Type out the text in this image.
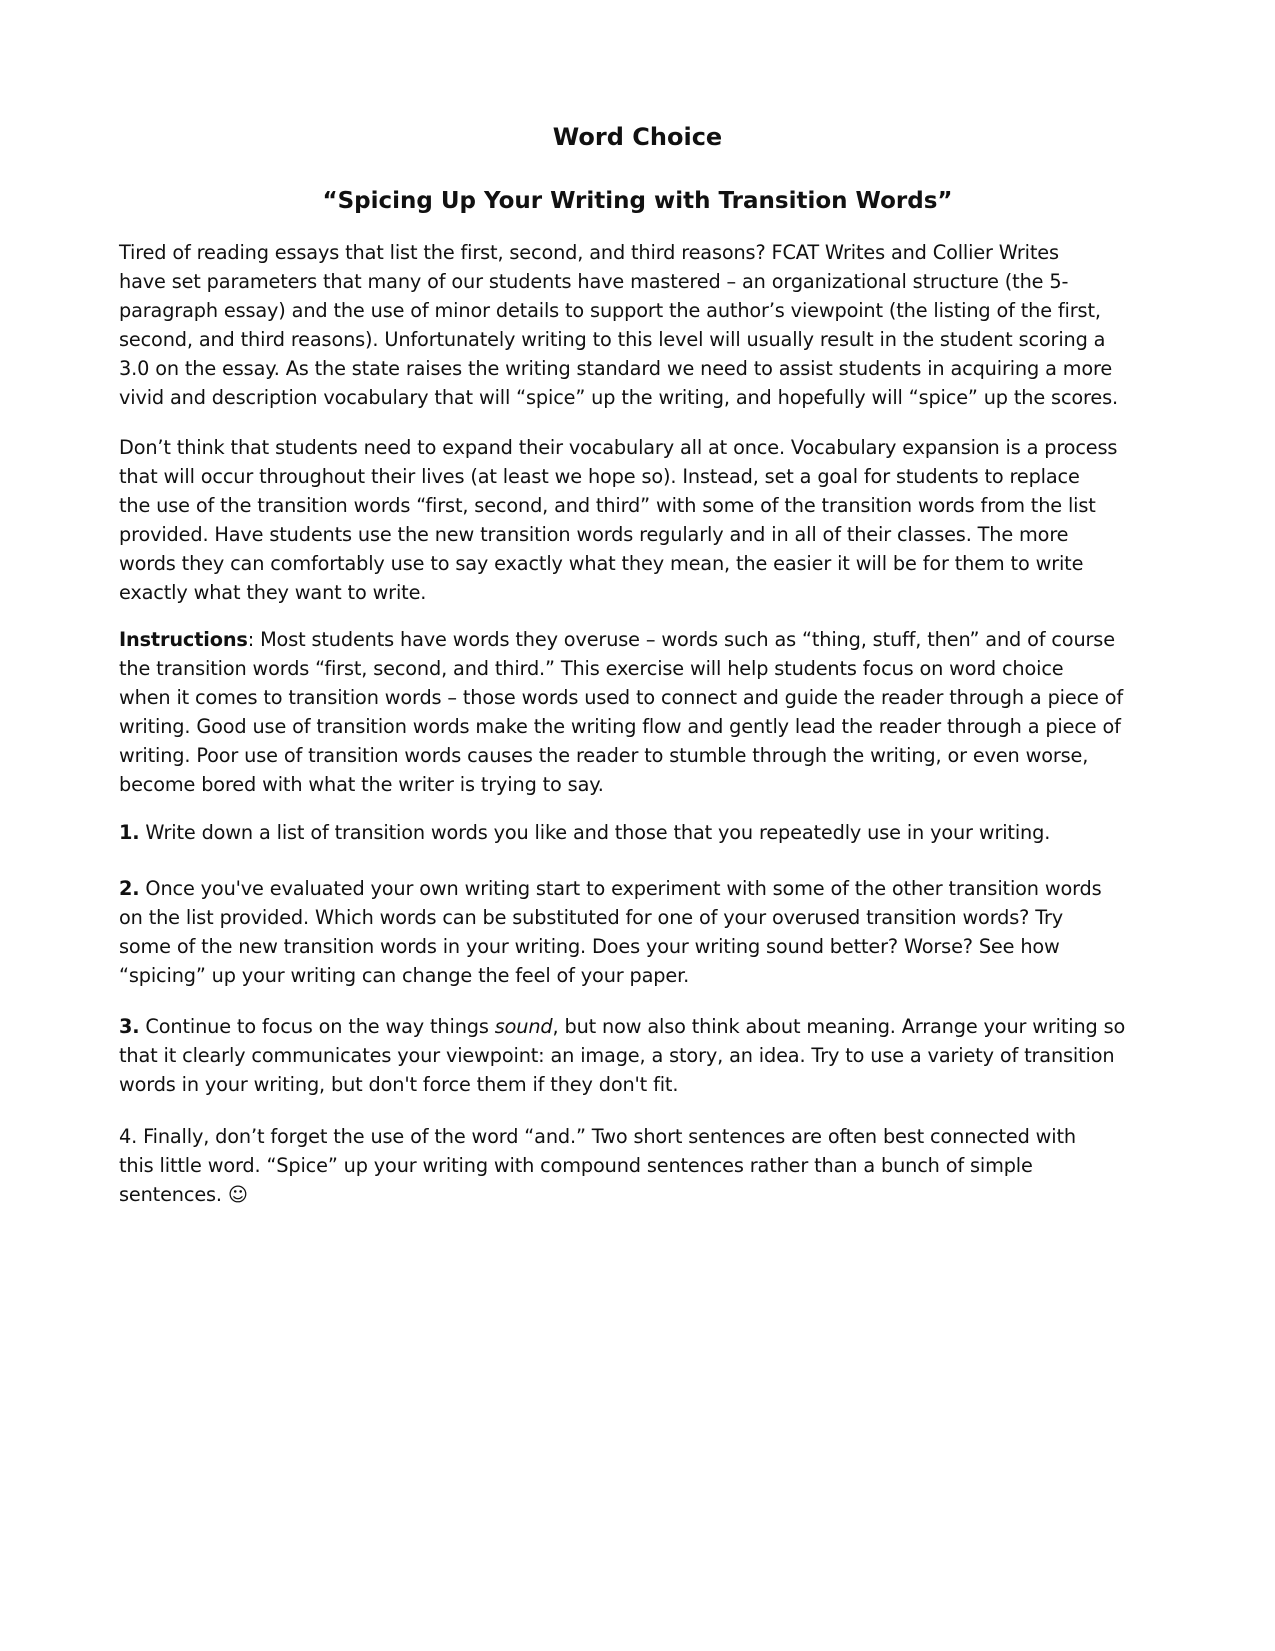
Word Choice
“Spicing Up Your Writing with Transition Words”

Tired of reading essays that list the first, second, and third reasons? FCAT Writes and Collier Writes
have set parameters that many of our students have mastered – an organizational structure (the 5-
paragraph essay) and the use of minor details to support the author’s viewpoint (the listing of the first,
second, and third reasons). Unfortunately writing to this level will usually result in the student scoring a
3.0 on the essay. As the state raises the writing standard we need to assist students in acquiring a more
vivid and description vocabulary that will “spice” up the writing, and hopefully will “spice” up the scores.

Don’t think that students need to expand their vocabulary all at once. Vocabulary expansion is a process
that will occur throughout their lives (at least we hope so). Instead, set a goal for students to replace
the use of the transition words “first, second, and third” with some of the transition words from the list
provided. Have students use the new transition words regularly and in all of their classes. The more
words they can comfortably use to say exactly what they mean, the easier it will be for them to write
exactly what they want to write.

Instructions: Most students have words they overuse – words such as “thing, stuff, then” and of course
the transition words “first, second, and third.” This exercise will help students focus on word choice
when it comes to transition words – those words used to connect and guide the reader through a piece of
writing. Good use of transition words make the writing flow and gently lead the reader through a piece of
writing. Poor use of transition words causes the reader to stumble through the writing, or even worse,
become bored with what the writer is trying to say.

1. Write down a list of transition words you like and those that you repeatedly use in your writing.

2. Once you've evaluated your own writing start to experiment with some of the other transition words
on the list provided. Which words can be substituted for one of your overused transition words? Try
some of the new transition words in your writing. Does your writing sound better? Worse? See how
“spicing” up your writing can change the feel of your paper.

3. Continue to focus on the way things sound, but now also think about meaning. Arrange your writing so
that it clearly communicates your viewpoint: an image, a story, an idea. Try to use a variety of transition
words in your writing, but don't force them if they don't fit.

4. Finally, don’t forget the use of the word “and.” Two short sentences are often best connected with
this little word. “Spice” up your writing with compound sentences rather than a bunch of simple
sentences. ☺
